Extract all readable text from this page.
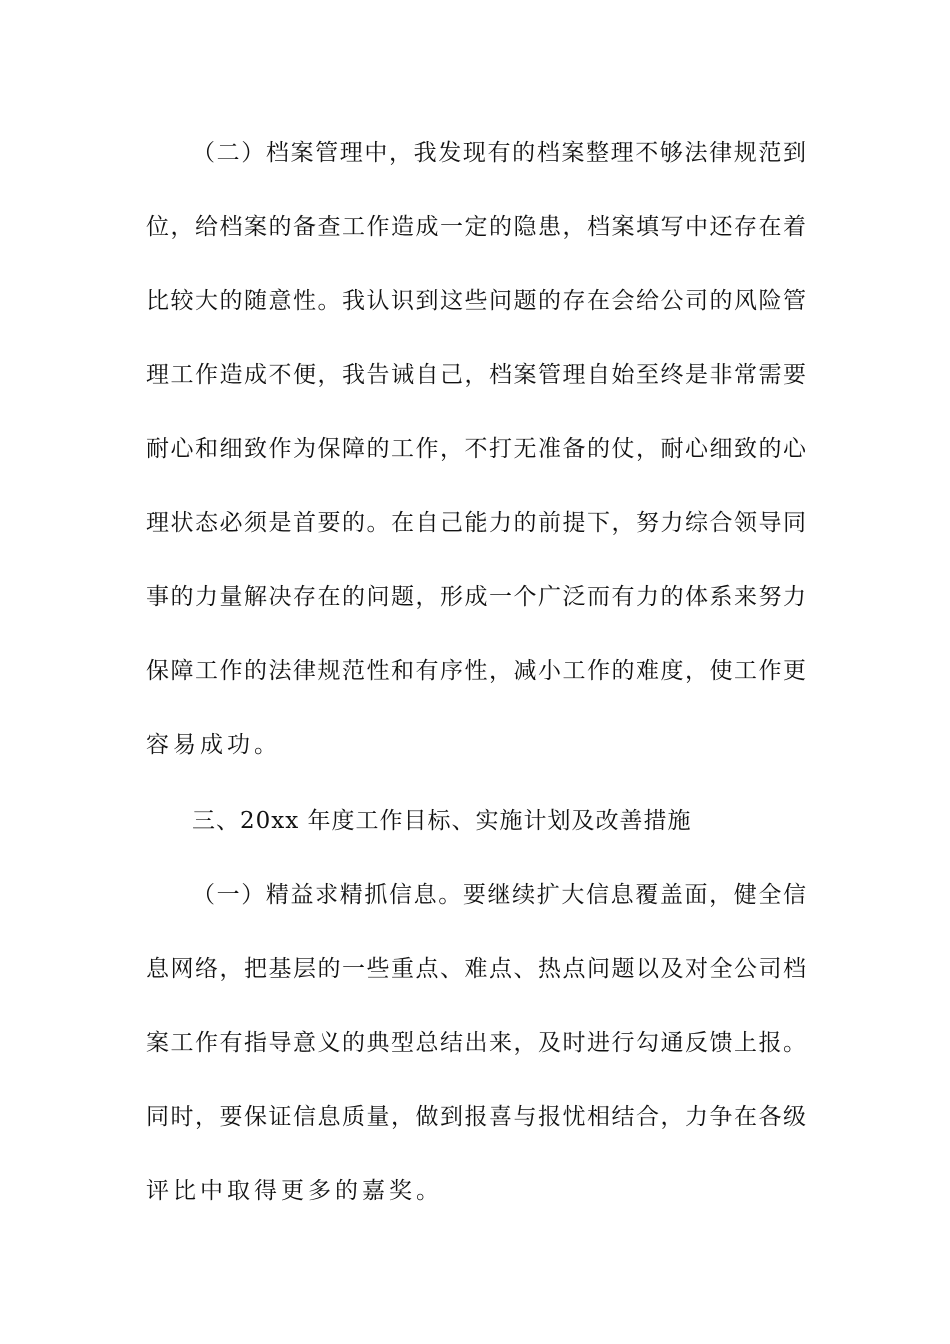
（二）档案管理中，我发现有的档案整理不够法律规范到
位，给档案的备查工作造成一定的隐患，档案填写中还存在着
比较大的随意性。我认识到这些问题的存在会给公司的风险管
理工作造成不便，我告诫自己，档案管理自始至终是非常需要
耐心和细致作为保障的工作，不打无准备的仗，耐心细致的心
理状态必须是首要的。在自己能力的前提下，努力综合领导同
事的力量解决存在的问题，形成一个广泛而有力的体系来努力
保障工作的法律规范性和有序性，减小工作的难度，使工作更
容易成功。
三、20xx 年度工作目标、实施计划及改善措施
（一）精益求精抓信息。要继续扩大信息覆盖面，健全信
息网络，把基层的一些重点、难点、热点问题以及对全公司档
案工作有指导意义的典型总结出来，及时进行勾通反馈上报。
同时，要保证信息质量，做到报喜与报忧相结合，力争在各级
评比中取得更多的嘉奖。
